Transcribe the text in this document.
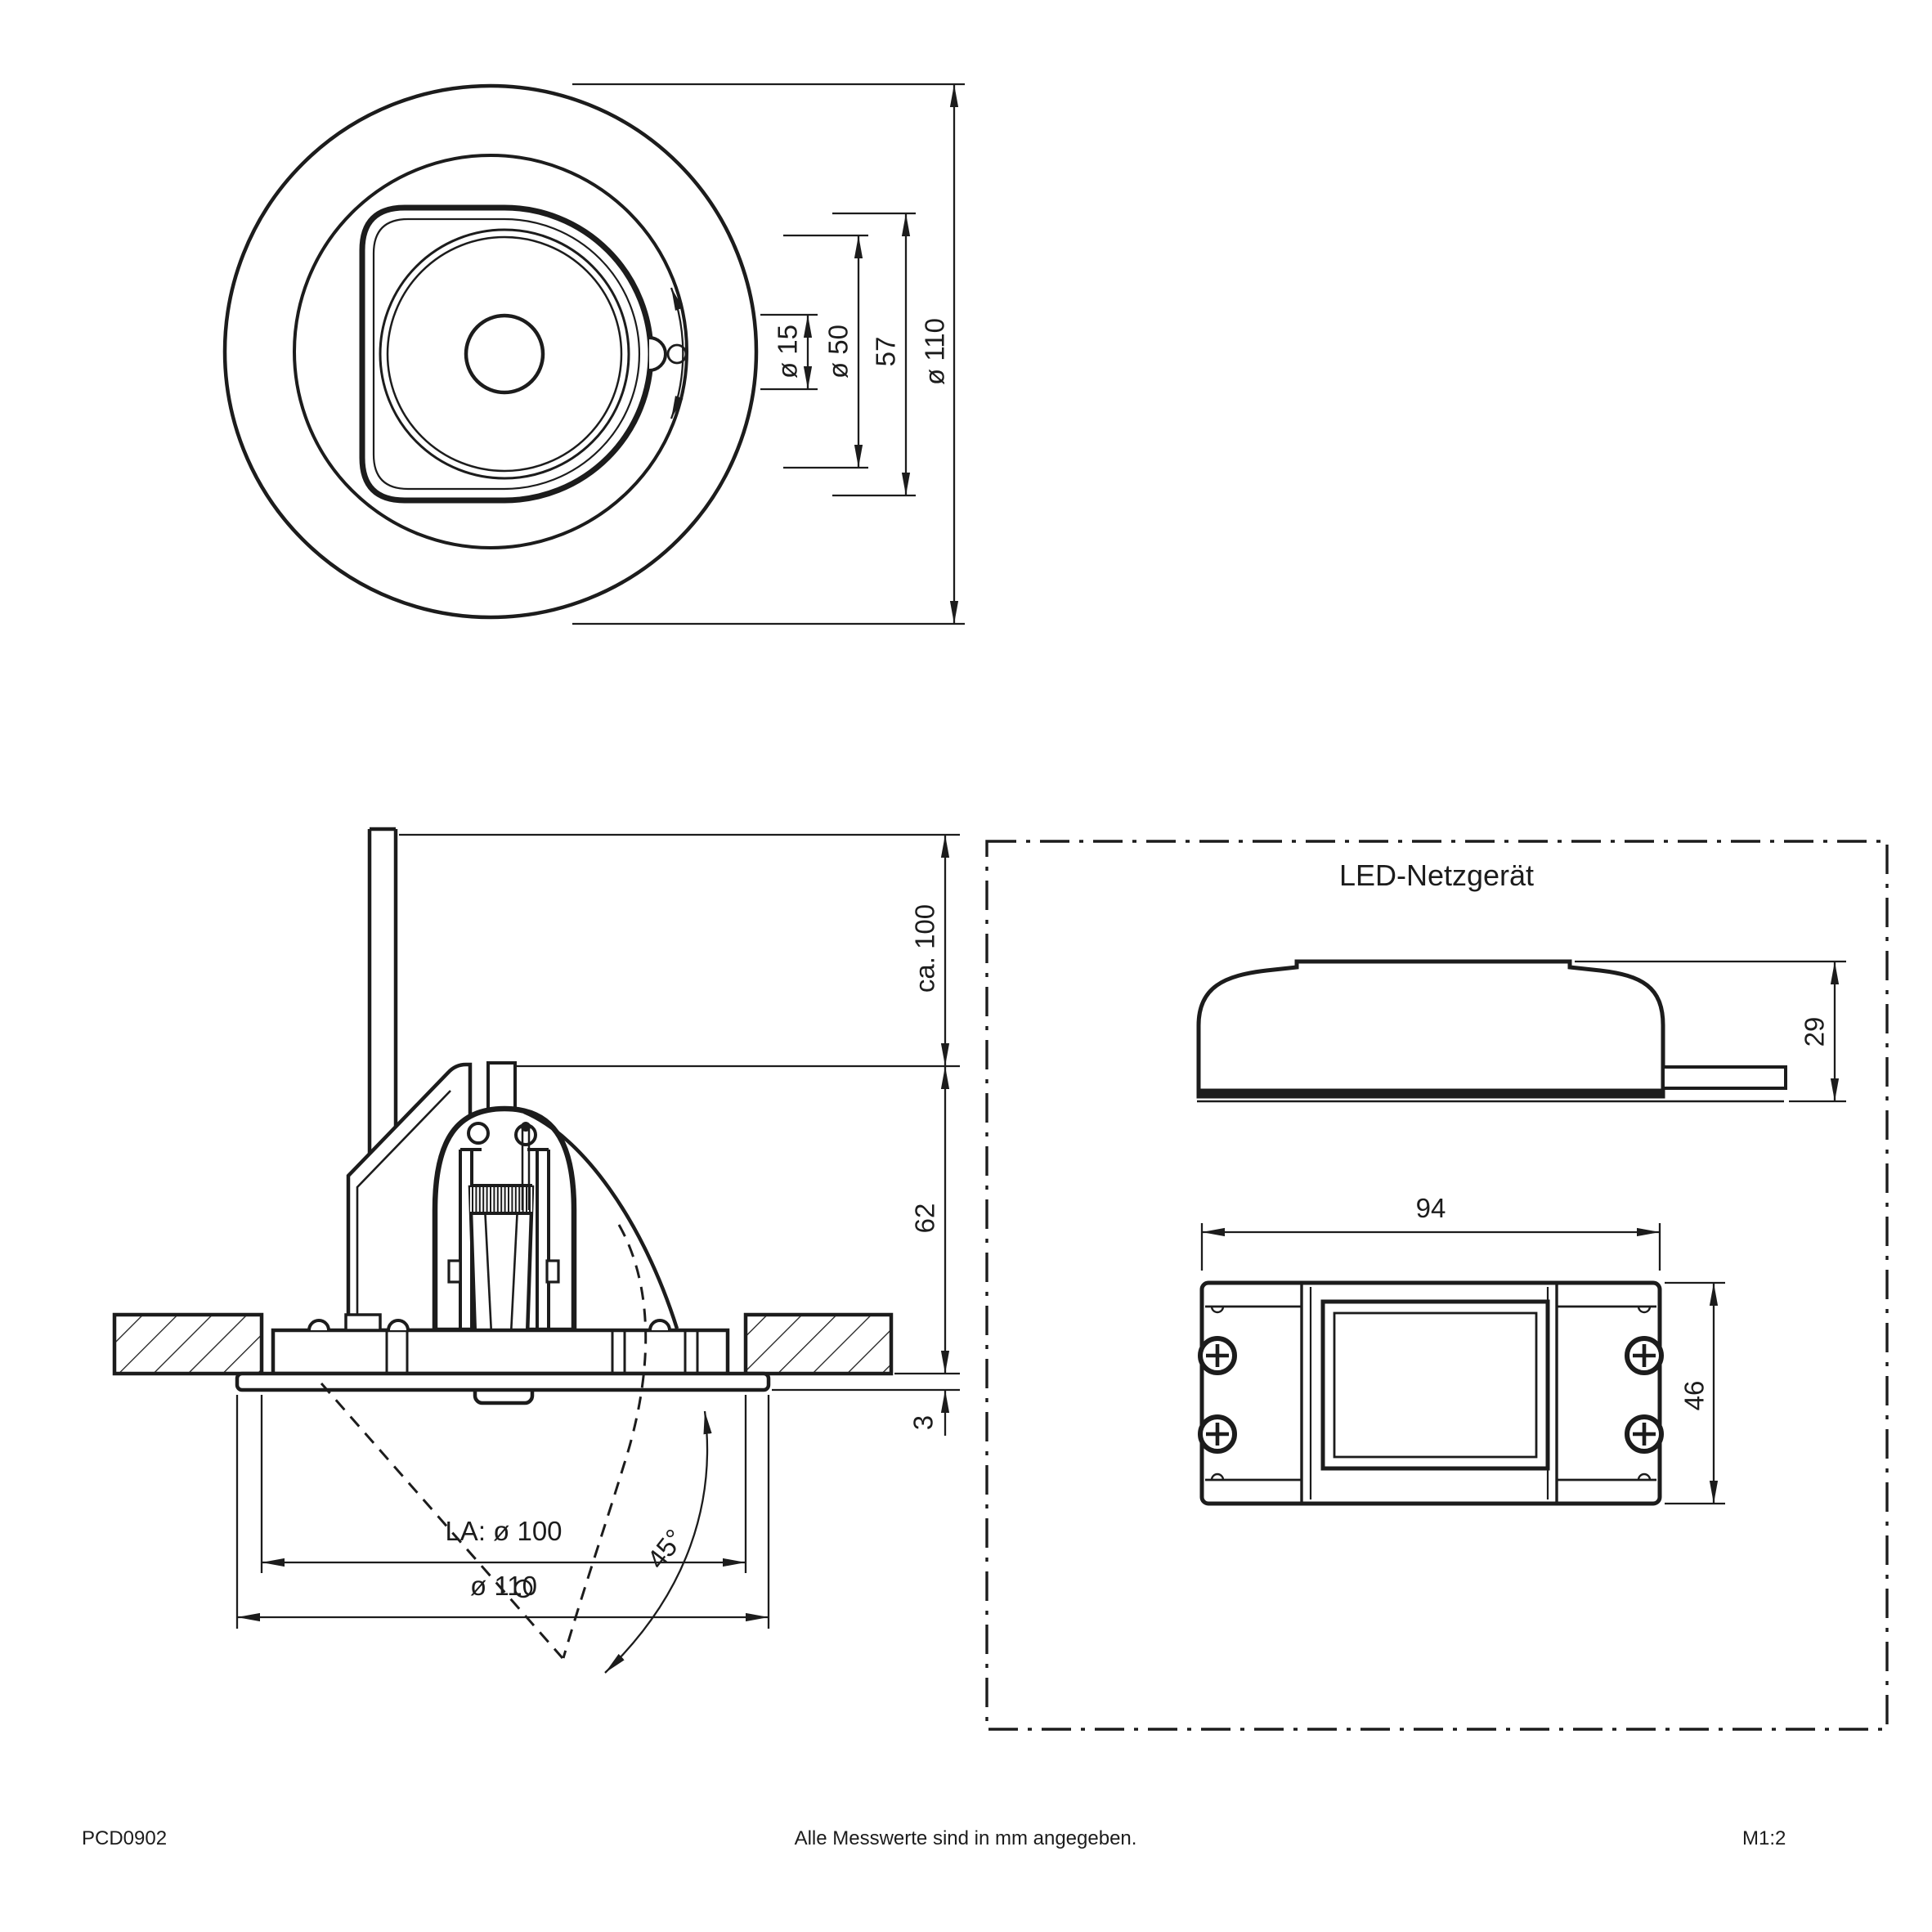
ø 15 ø 50 57 ø 110
45°
ca. 100
62
3
LA: ø 100
ø 110
LED-Netzgerät
29
94
46
PCD0902	Alle Messwerte sind in mm angegeben.	M1:2
